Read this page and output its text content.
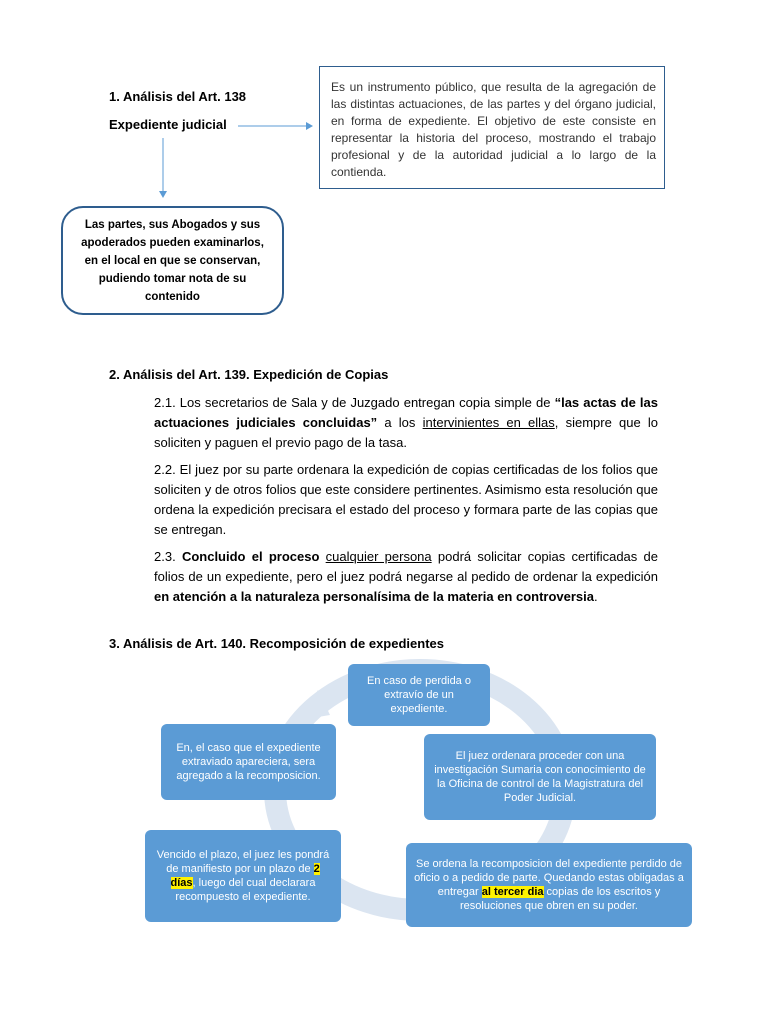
1. Análisis del Art. 138
Expediente judicial
Es un instrumento público, que resulta de la agregación de las distintas actuaciones, de las partes y del órgano judicial, en forma de expediente. El objetivo de este consiste en representar la historia del proceso, mostrando el trabajo profesional y de la autoridad judicial a lo largo de la contienda.
Las partes, sus Abogados y sus apoderados pueden examinarlos, en el local en que se conservan, pudiendo tomar nota de su contenido
2. Análisis del Art. 139. Expedición de Copias
2.1. Los secretarios de Sala y de Juzgado entregan copia simple de “las actas de las actuaciones judiciales concluidas” a los intervinientes en ellas, siempre que lo soliciten y paguen el previo pago de la tasa.
2.2. El juez por su parte ordenara la expedición de copias certificadas de los folios que soliciten y de otros folios que este considere pertinentes. Asimismo esta resolución que ordena la expedición precisara el estado del proceso y formara parte de las copias que se entregan.
2.3. Concluido el proceso cualquier persona podrá solicitar copias certificadas de folios de un expediente, pero el juez podrá negarse al pedido de ordenar la expedición en atención a la naturaleza personalísima de la materia en controversia.
3. Análisis de Art. 140. Recomposición de expedientes
En caso de perdida o extravío de un expediente.
El juez ordenara proceder con una investigación Sumaria con conocimiento de la Oficina de control de la Magistratura del Poder Judicial.
Se ordena la recomposicion del expediente perdido de oficio o a pedido de parte. Quedando estas obligadas a entregar al tercer dia copias de los escritos y resoluciones que obren en su poder.
Vencido el plazo, el juez les pondrá de manifiesto por un plazo de 2 días, luego del cual declarara recompuesto el expediente.
En, el caso que el expediente extraviado apareciera, sera agregado a la recomposicion.
